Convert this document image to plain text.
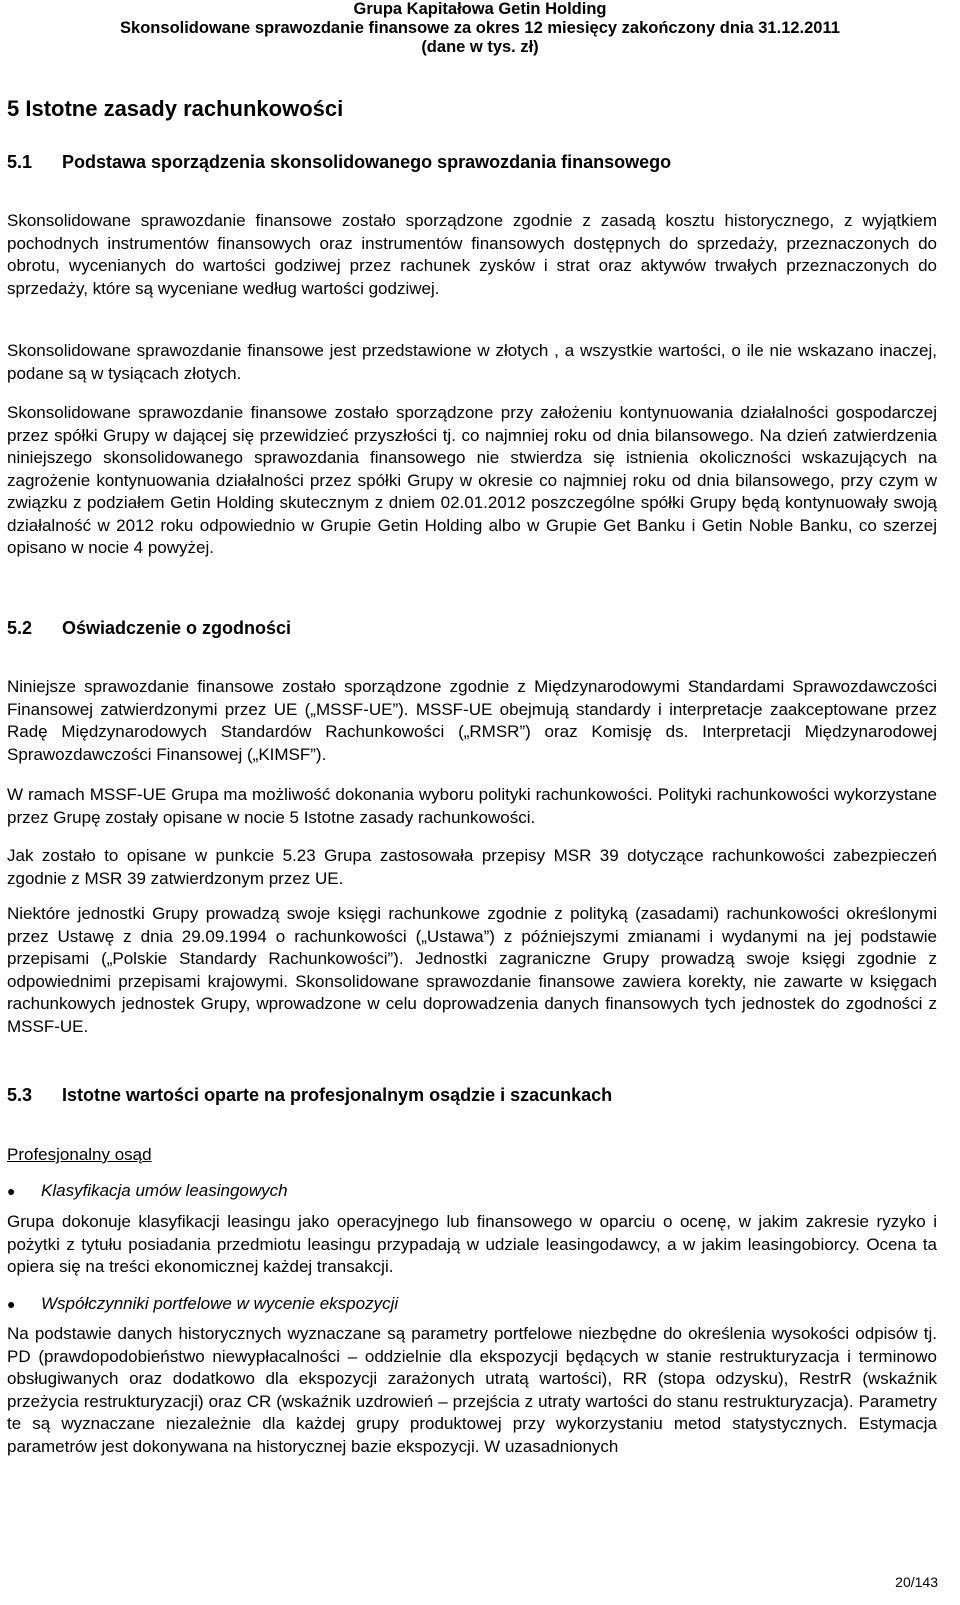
Grupa Kapitałowa Getin Holding
Skonsolidowane sprawozdanie finansowe za okres 12 miesięcy zakończony dnia 31.12.2011
(dane w tys. zł)
5 Istotne zasady rachunkowości
5.1 Podstawa sporządzenia skonsolidowanego sprawozdania finansowego

Skonsolidowane sprawozdanie finansowe zostało sporządzone zgodnie z zasadą kosztu historycznego, z wyjątkiem pochodnych instrumentów finansowych oraz instrumentów finansowych dostępnych do sprzedaży, przeznaczonych do obrotu, wycenianych do wartości godziwej przez rachunek zysków i strat oraz aktywów trwałych przeznaczonych do sprzedaży, które są wyceniane według wartości godziwej.

Skonsolidowane sprawozdanie finansowe jest przedstawione w złotych , a wszystkie wartości, o ile nie wskazano inaczej, podane są w tysiącach złotych.

Skonsolidowane sprawozdanie finansowe zostało sporządzone przy założeniu kontynuowania działalności gospodarczej przez spółki Grupy w dającej się przewidzieć przyszłości tj. co najmniej roku od dnia bilansowego. Na dzień zatwierdzenia niniejszego skonsolidowanego sprawozdania finansowego nie stwierdza się istnienia okoliczności wskazujących na zagrożenie kontynuowania działalności przez spółki Grupy w okresie co najmniej roku od dnia bilansowego, przy czym w związku z podziałem Getin Holding skutecznym z dniem 02.01.2012 poszczególne spółki Grupy będą kontynuowały swoją działalność w 2012 roku odpowiednio w Grupie Getin Holding albo w Grupie Get Banku i Getin Noble Banku, co szerzej opisano w nocie 4 powyżej.

5.2 Oświadczenie o zgodności

Niniejsze sprawozdanie finansowe zostało sporządzone zgodnie z Międzynarodowymi Standardami Sprawozdawczości Finansowej zatwierdzonymi przez UE („MSSF-UE”). MSSF-UE obejmują standardy i interpretacje zaakceptowane przez Radę Międzynarodowych Standardów Rachunkowości („RMSR”) oraz Komisję ds. Interpretacji Międzynarodowej Sprawozdawczości Finansowej („KIMSF”).

W ramach MSSF-UE Grupa ma możliwość dokonania wyboru polityki rachunkowości. Polityki rachunkowości wykorzystane przez Grupę zostały opisane w nocie 5 Istotne zasady rachunkowości.

Jak zostało to opisane w punkcie 5.23 Grupa zastosowała przepisy MSR 39 dotyczące rachunkowości zabezpieczeń zgodnie z MSR 39 zatwierdzonym przez UE.

Niektóre jednostki Grupy prowadzą swoje księgi rachunkowe zgodnie z polityką (zasadami) rachunkowości określonymi przez Ustawę z dnia 29.09.1994 o rachunkowości („Ustawa”) z późniejszymi zmianami i wydanymi na jej podstawie przepisami („Polskie Standardy Rachunkowości”). Jednostki zagraniczne Grupy prowadzą swoje księgi zgodnie z odpowiednimi przepisami krajowymi. Skonsolidowane sprawozdanie finansowe zawiera korekty, nie zawarte w księgach rachunkowych jednostek Grupy, wprowadzone w celu doprowadzenia danych finansowych tych jednostek do zgodności z MSSF-UE.

5.3 Istotne wartości oparte na profesjonalnym osądzie i szacunkach

Profesjonalny osąd

● Klasyfikacja umów leasingowych

Grupa dokonuje klasyfikacji leasingu jako operacyjnego lub finansowego w oparciu o ocenę, w jakim zakresie ryzyko i pożytki z tytułu posiadania przedmiotu leasingu przypadają w udziale leasingodawcy, a w jakim leasingobiorcy. Ocena ta opiera się na treści ekonomicznej każdej transakcji.

● Współczynniki portfelowe w wycenie ekspozycji

Na podstawie danych historycznych wyznaczane są parametry portfelowe niezbędne do określenia wysokości odpisów tj. PD (prawdopodobieństwo niewypłacalności – oddzielnie dla ekspozycji będących w stanie restrukturyzacja i terminowo obsługiwanych oraz dodatkowo dla ekspozycji zarażonych utratą wartości), RR (stopa odzysku), RestrR (wskaźnik przeżycia restrukturyzacji) oraz CR (wskaźnik uzdrowień – przejścia z utraty wartości do stanu restrukturyzacja). Parametry te są wyznaczane niezależnie dla każdej grupy produktowej przy wykorzystaniu metod statystycznych. Estymacja parametrów jest dokonywana na historycznej bazie ekspozycji. W uzasadnionych

20/143
